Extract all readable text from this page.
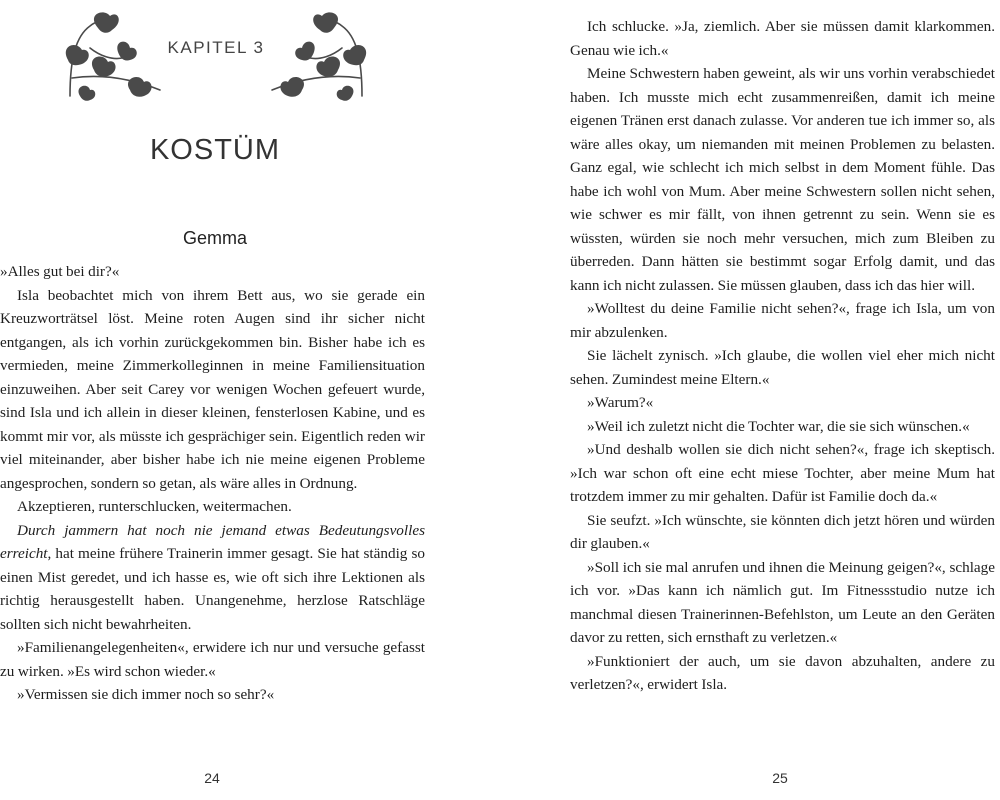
KAPITEL 3
KOSTÜM
Gemma

»Alles gut bei dir?«

Isla beobachtet mich von ihrem Bett aus, wo sie gerade ein Kreuzworträtsel löst. Meine roten Augen sind ihr sicher nicht entgangen, als ich vorhin zurückgekommen bin. Bisher habe ich es vermieden, meine Zimmerkolleginnen in meine Familiensituation einzuweihen. Aber seit Carey vor wenigen Wochen gefeuert wurde, sind Isla und ich allein in dieser kleinen, fensterlosen Kabine, und es kommt mir vor, als müsste ich gesprächiger sein. Eigentlich reden wir viel miteinander, aber bisher habe ich nie meine eigenen Probleme angesprochen, sondern so getan, als wäre alles in Ordnung.

Akzeptieren, runterschlucken, weitermachen.

Durch jammern hat noch nie jemand etwas Bedeutungsvolles erreicht, hat meine frühere Trainerin immer gesagt. Sie hat ständig so einen Mist geredet, und ich hasse es, wie oft sich ihre Lektionen als richtig herausgestellt haben. Unangenehme, herzlose Ratschläge sollten sich nicht bewahrheiten.

»Familienangelegenheiten«, erwidere ich nur und versuche gefasst zu wirken. »Es wird schon wieder.«

»Vermissen sie dich immer noch so sehr?«

24

Ich schlucke. »Ja, ziemlich. Aber sie müssen damit klarkommen. Genau wie ich.«

Meine Schwestern haben geweint, als wir uns vorhin verabschiedet haben. Ich musste mich echt zusammenreißen, damit ich meine eigenen Tränen erst danach zulasse. Vor anderen tue ich immer so, als wäre alles okay, um niemanden mit meinen Problemen zu belasten. Ganz egal, wie schlecht ich mich selbst in dem Moment fühle. Das habe ich wohl von Mum. Aber meine Schwestern sollen nicht sehen, wie schwer es mir fällt, von ihnen getrennt zu sein. Wenn sie es wüssten, würden sie noch mehr versuchen, mich zum Bleiben zu überreden. Dann hätten sie bestimmt sogar Erfolg damit, und das kann ich nicht zulassen. Sie müssen glauben, dass ich das hier will.

»Wolltest du deine Familie nicht sehen?«, frage ich Isla, um von mir abzulenken.

Sie lächelt zynisch. »Ich glaube, die wollen viel eher mich nicht sehen. Zumindest meine Eltern.«

»Warum?«

»Weil ich zuletzt nicht die Tochter war, die sie sich wünschen.«

»Und deshalb wollen sie dich nicht sehen?«, frage ich skeptisch. »Ich war schon oft eine echt miese Tochter, aber meine Mum hat trotzdem immer zu mir gehalten. Dafür ist Familie doch da.«

Sie seufzt. »Ich wünschte, sie könnten dich jetzt hören und würden dir glauben.«

»Soll ich sie mal anrufen und ihnen die Meinung geigen?«, schlage ich vor. »Das kann ich nämlich gut. Im Fitnessstudio nutze ich manchmal diesen Trainerinnen-Befehlston, um Leute an den Geräten davor zu retten, sich ernsthaft zu verletzen.«

»Funktioniert der auch, um sie davon abzuhalten, andere zu verletzen?«, erwidert Isla.

25
